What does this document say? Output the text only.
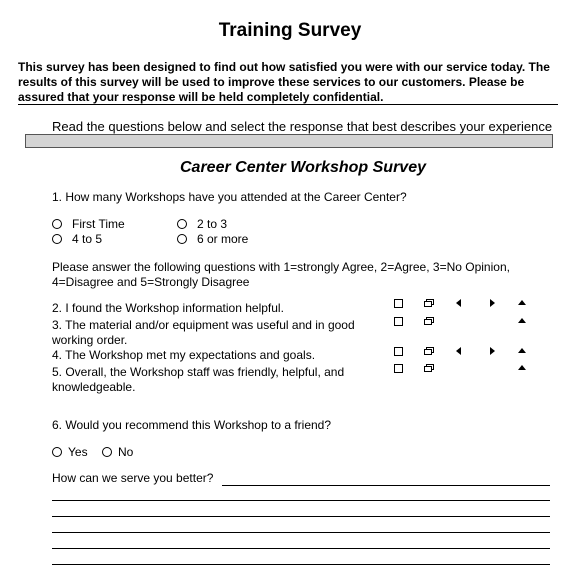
Training Survey
This survey has been designed to find out how satisfied you were with our service today. The results of this survey will be used to improve these services to our customers. Please be assured that your response will be held completely confidential.
Read the questions below and select the response that best describes your experience
Career Center Workshop Survey
1. How many Workshops have you attended at the Career Center?
First Time	2 to 3
4 to 5	6 or more
Please answer the following questions with 1=strongly Agree, 2=Agree, 3=No Opinion, 4=Disagree and 5=Strongly Disagree
2. I found the Workshop information helpful.
3. The material and/or equipment was useful and in good working order.
4. The Workshop met my expectations and goals.
5. Overall, the Workshop staff was friendly, helpful, and knowledgeable.
6. Would you recommend this Workshop to a friend?
Yes	No
How can we serve you better?
